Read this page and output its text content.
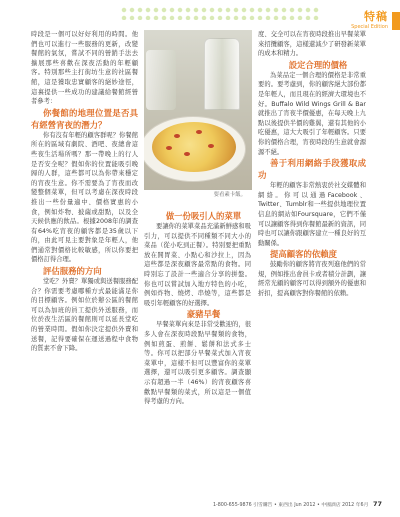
特稿
Special Edition

時段是一個可以好好利用的時間。他們也可以進行一些服務的更新，改變餐館的氣氛，嘗試不同的營銷手法去擴展那些喜歡在深夜活動的年輕顧客。特別那些主打街坊生意的社區餐館，這是獲取忠實顧客的絕妙途徑，這裏提供一些成功的建議給餐館經營者參考：

你餐館的地理位置是否具有經營宵夜的潛力？

你有沒有年輕的顧客群呢？你餐館所在的區域有劇院、酒吧、夜總會這些夜生活場所嗎？那一帶晚上的行人是否安全呢？假如你的位置能吸引晚歸的人群，這些都可以為你帶來穩定的宵夜生意。你不需要為了宵夜而改變整個菜單，但可以考慮在深夜時段推出一些份量適中、價格實惠的小食，例如炸物、披薩或甜點，以及全天候供應的飲品。根據2008年的調查有64%吃宵夜的顧客都是35歲以下的，由此可見主要對象是年輕人，他們通常對價格比較敏感，所以你要把價格訂得合理。

評估服務的方向

堂吃？外賣？單獨或與送餐服務配合？你需要考慮哪種方式最能滿足你的目標顧客。例如位於辦公區的餐館可以為加班的員工提供外送服務，而位於夜生活區的餐館則可以延長堂吃的營業時間。假如你決定提供外賣和送餐，記得要確保在運送過程中食物的質素不會下降。

要看素卡飯。

做一份吸引人的菜單

要讓你的菜單菜品充滿新鮮感和吸引力，可以提供不同種類不同大小的菜品（從小吃到正餐）。特別要把重點放在開胃菜、小點心和沙拉上，因為這些都是深夜顧客最常點的食物。同時別忘了設計一些適合分享的拼盤。你也可以嘗試加入地方特色的小吃，例如炸物、燒烤、串燒等，這些都是吸引年輕顧客的好選擇。

豪豬早餐

早餐菜單向來是非常受歡迎的，很多人會在深夜時段點早餐類的食物，例如煎蛋、煎餅、鬆餅和法式多士等。你可以把部分早餐菜式加入宵夜菜單中，這樣不但可以豐富你的菜單選擇，還可以吸引更多顧客。調查顯示有超過一半（46%）的宵夜顧客喜歡點早餐類的菜式，所以這是一個值得考慮的方向。

度、交全可以在宵夜時段推出早餐菜單來招攬顧客，這樣還減少了研發新菜單的成本和精力。

設定合理的價格

為菜品定一個合理的價格是非常重要的。要考慮到，你的顧客絕大部份都是年輕人，而且現在的經濟大環境也不好。Buffalo Wild Wings Grill & Bar就推出了宵夜半價優惠，在每天晚上九點以後提供半價的雞翼，還有其他的小吃優惠，這大大吸引了年輕顧客。只要你的價格合理，宵夜時段的生意就會源源不絕。

善于利用網絡手段獲取成功

年輕的顧客非常熱衷於社交媒體和網絡。你可以通過Facebook、Twitter、Tumblr和一些提供地理位置信息的網站如Foursquare，它們不僅可以讓顧客得到你餐館最新的資訊，同時也可以讓你跟顧客建立一種良好的互動關係。

提高顧客的依賴度

鼓勵你的顧客將宵夜列進他們的常規，例如推出會員卡或者積分計劃，讓經常光顧的顧客可以得到額外的優惠和折扣，提高顧客對你餐館的依賴。

1-800-655-9876 引雪購告 • 東西出 Jun 2012 • 中國酒店 2012 年6月 77
